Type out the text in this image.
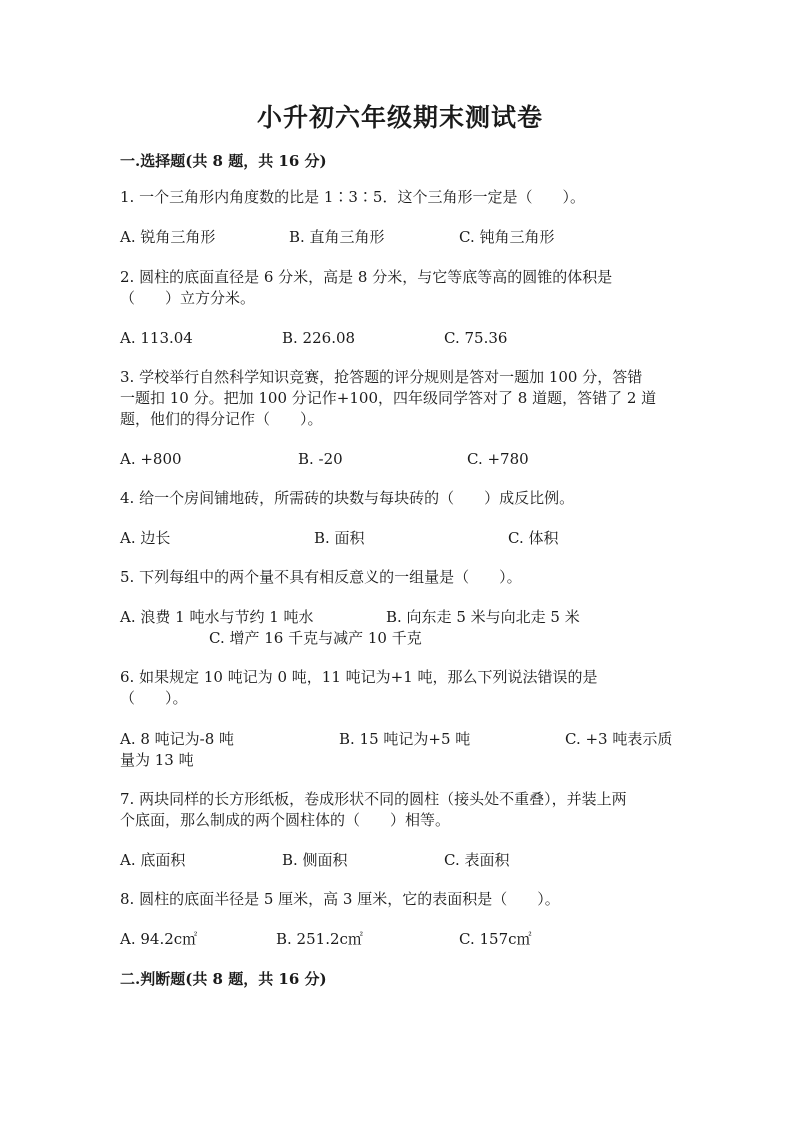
小升初六年级期末测试卷
一.选择题(共 8 题，共 16 分)
1. 一个三角形内角度数的比是 1∶3∶5．这个三角形一定是（　　）。
A. 锐角三角形	B. 直角三角形	C. 钝角三角形
2. 圆柱的底面直径是 6 分米，高是 8 分米，与它等底等高的圆锥的体积是
（　　）立方分米。
A. 113.04	B. 226.08	C. 75.36
3. 学校举行自然科学知识竞赛，抢答题的评分规则是答对一题加 100 分，答错
一题扣 10 分。把加 100 分记作+100，四年级同学答对了 8 道题，答错了 2 道
题，他们的得分记作（　　）。
A. +800	B. -20	C. +780
4. 给一个房间铺地砖，所需砖的块数与每块砖的（　　）成反比例。
A. 边长	B. 面积	C. 体积
5. 下列每组中的两个量不具有相反意义的一组量是（　　）。
A. 浪费 1 吨水与节约 1 吨水	B. 向东走 5 米与向北走 5 米
C. 增产 16 千克与减产 10 千克
6. 如果规定 10 吨记为 0 吨，11 吨记为+1 吨，那么下列说法错误的是
（　　）。
A. 8 吨记为-8 吨	B. 15 吨记为+5 吨	C. +3 吨表示质
量为 13 吨
7. 两块同样的长方形纸板，卷成形状不同的圆柱（接头处不重叠），并装上两
个底面，那么制成的两个圆柱体的（　　）相等。
A. 底面积	B. 侧面积	C. 表面积
8. 圆柱的底面半径是 5 厘米，高 3 厘米，它的表面积是（　　）。
A. 94.2c㎡	B. 251.2c㎡	C. 157c㎡
二.判断题(共 8 题，共 16 分)
